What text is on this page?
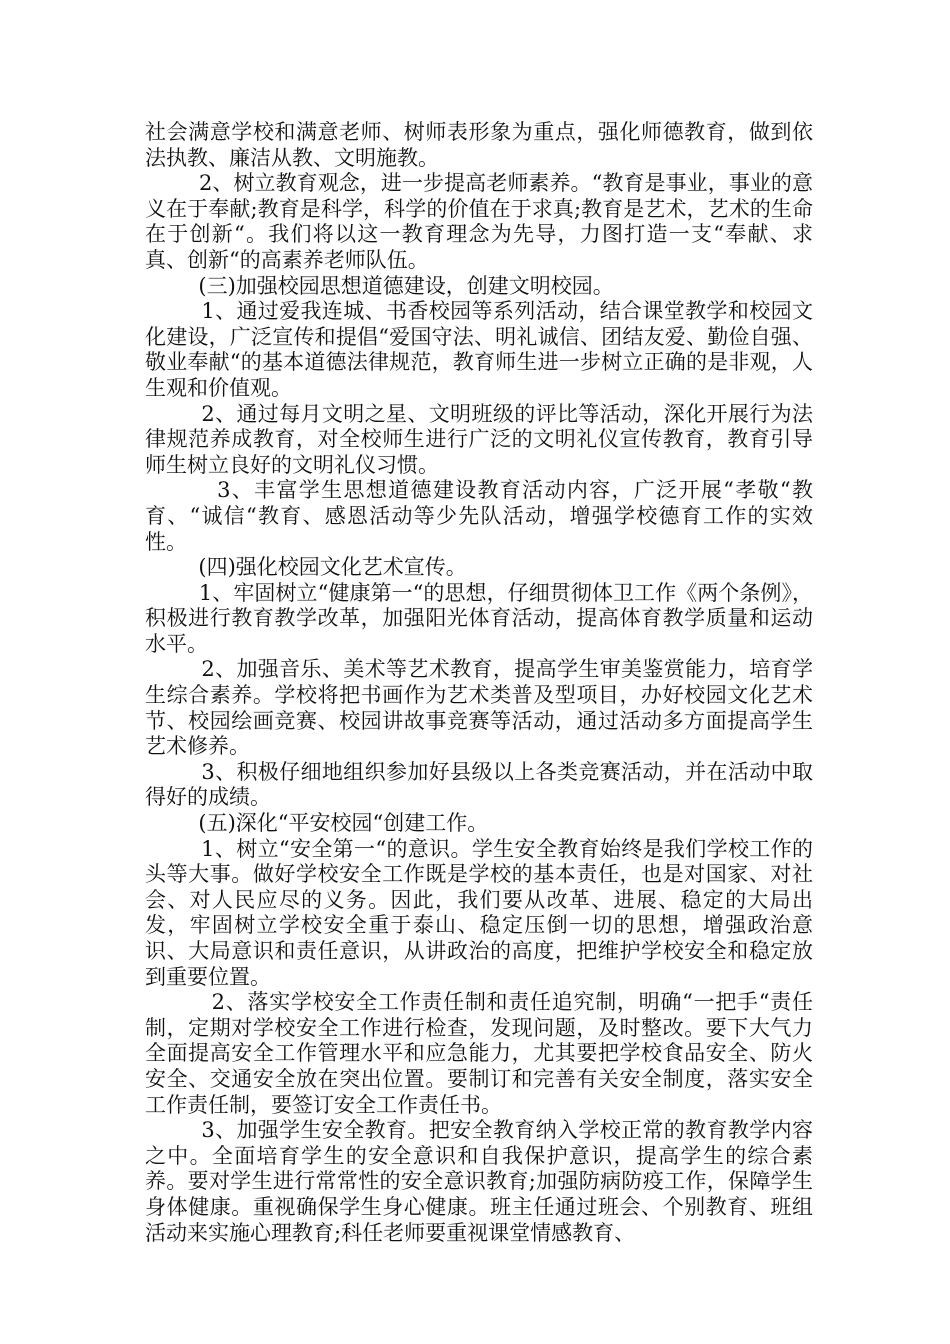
社会满意学校和满意老师、树师表形象为重点，强化师德教育，做到依法执教、廉洁从教、文明施教。

2、树立教育观念，进一步提高老师素养。“教育是事业，事业的意义在于奉献;教育是科学，科学的价值在于求真;教育是艺术，艺术的生命在于创新“。我们将以这一教育理念为先导，力图打造一支“奉献、求真、创新“的高素养老师队伍。

(三)加强校园思想道德建设，创建文明校园。

1、通过爱我连城、书香校园等系列活动，结合课堂教学和校园文化建设，广泛宣传和提倡“爱国守法、明礼诚信、团结友爱、勤俭自强、敬业奉献“的基本道德法律规范，教育师生进一步树立正确的是非观，人生观和价值观。

2、通过每月文明之星、文明班级的评比等活动，深化开展行为法律规范养成教育，对全校师生进行广泛的文明礼仪宣传教育，教育引导师生树立良好的文明礼仪习惯。

3、丰富学生思想道德建设教育活动内容，广泛开展“孝敬“教育、“诚信“教育、感恩活动等少先队活动，增强学校德育工作的实效性。

(四)强化校园文化艺术宣传。

1、牢固树立“健康第一“的思想，仔细贯彻体卫工作《两个条例》，积极进行教育教学改革，加强阳光体育活动，提高体育教学质量和运动水平。

2、加强音乐、美术等艺术教育，提高学生审美鉴赏能力，培育学生综合素养。学校将把书画作为艺术类普及型项目，办好校园文化艺术节、校园绘画竞赛、校园讲故事竞赛等活动，通过活动多方面提高学生艺术修养。

3、积极仔细地组织参加好县级以上各类竞赛活动，并在活动中取得好的成绩。

(五)深化“平安校园“创建工作。

1、树立“安全第一“的意识。学生安全教育始终是我们学校工作的头等大事。做好学校安全工作既是学校的基本责任，也是对国家、对社会、对人民应尽的义务。因此，我们要从改革、进展、稳定的大局出发，牢固树立学校安全重于泰山、稳定压倒一切的思想，增强政治意识、大局意识和责任意识，从讲政治的高度，把维护学校安全和稳定放到重要位置。

2、落实学校安全工作责任制和责任追究制，明确“一把手“责任制，定期对学校安全工作进行检查，发现问题，及时整改。要下大气力全面提高安全工作管理水平和应急能力，尤其要把学校食品安全、防火安全、交通安全放在突出位置。要制订和完善有关安全制度，落实安全工作责任制，要签订安全工作责任书。

3、加强学生安全教育。把安全教育纳入学校正常的教育教学内容之中。全面培育学生的安全意识和自我保护意识，提高学生的综合素养。要对学生进行常常性的安全意识教育;加强防病防疫工作，保障学生身体健康。重视确保学生身心健康。班主任通过班会、个别教育、班组活动来实施心理教育;科任老师要重视课堂情感教育、
